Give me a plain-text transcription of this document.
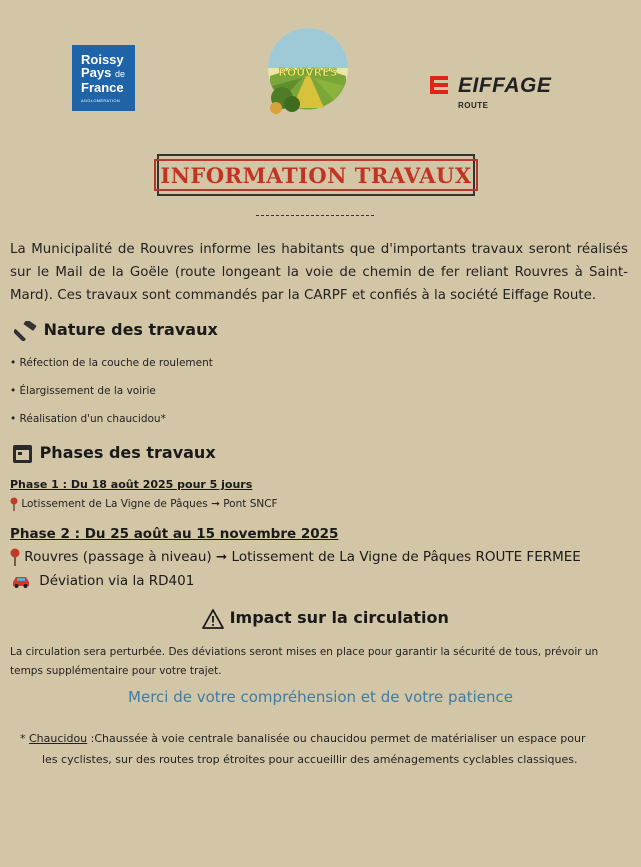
Roissy
Pays de
France
AGGLOMÉRATION
ROUVRES
EIFFAGE
ROUTE
INFORMATION TRAVAUX
La Municipalité de Rouvres informe les habitants que d'importants travaux seront réalisés sur le Mail de la Goële (route longeant la voie de chemin de fer reliant Rouvres à Saint-Mard). Ces travaux sont commandés par la CARPF et confiés à la société Eiffage Route.
Nature des travaux
• Réfection de la couche de roulement
• Élargissement de la voirie
• Réalisation d'un chaucidou*
Phases des travaux
Phase 1 : Du 18 août 2025 pour 5 jours
Lotissement de La Vigne de Pâques ➞ Pont SNCF
Phase 2 : Du 25 août au 15 novembre 2025
Rouvres (passage à niveau) ➞ Lotissement de La Vigne de Pâques ROUTE FERMEE
Déviation via la RD401
Impact sur la circulation
La circulation sera perturbée. Des déviations seront mises en place pour garantir la sécurité de tous, prévoir un temps supplémentaire pour votre trajet.
Merci de votre compréhension et de votre patience
* Chaucidou :Chaussée à voie centrale banalisée ou chaucidou permet de matérialiser un espace pour
les cyclistes, sur des routes trop étroites pour accueillir des aménagements cyclables classiques.
